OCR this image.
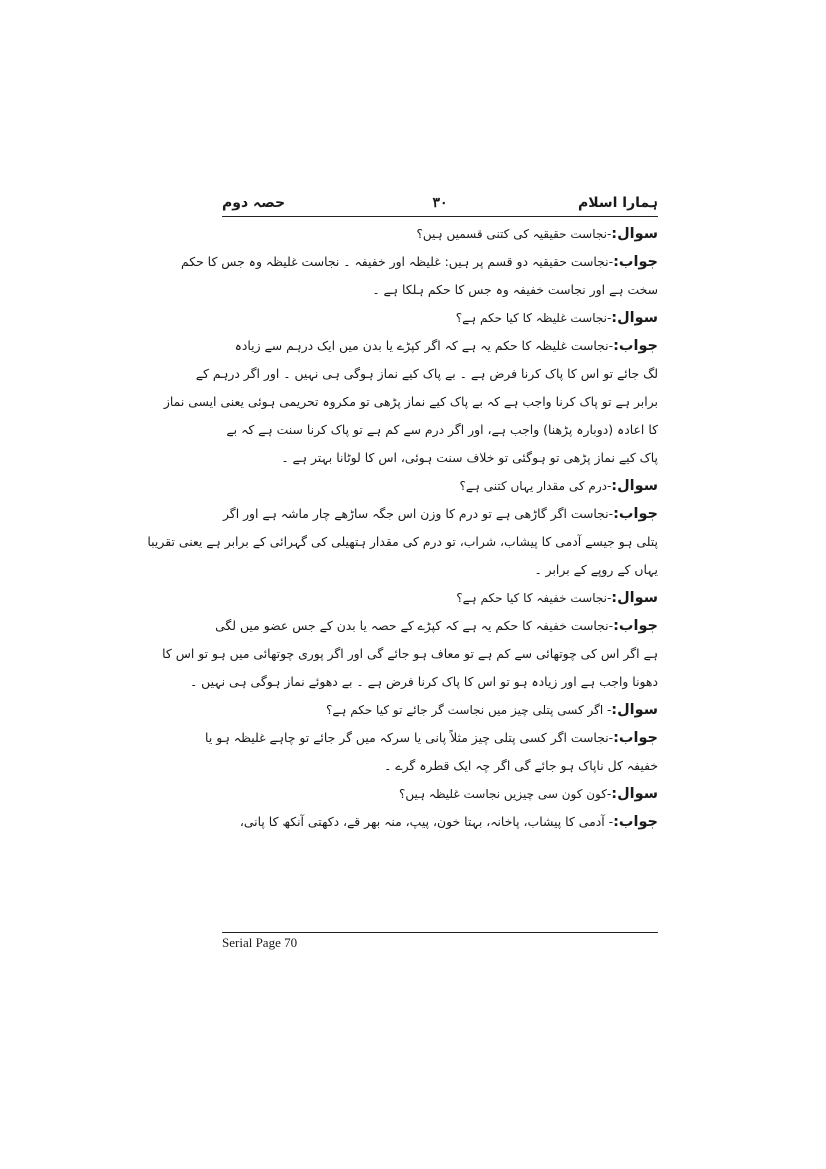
ہمارا اسلام
۳۰
حصہ دوم
سوال:-نجاست حقیقیہ کی کتنی قسمیں ہیں؟
جواب:-نجاست حقیقیہ دو قسم پر ہیں: غلیظہ اور خفیفہ ۔ نجاست غلیظہ وہ جس کا حکم
سخت ہے اور نجاست خفیفہ وہ جس کا حکم ہلکا ہے ۔
سوال:-نجاست غلیظہ کا کیا حکم ہے؟
جواب:-نجاست غلیظہ کا حکم یہ ہے کہ اگر کپڑے یا بدن میں ایک درہم سے زیادہ
لگ جائے تو اس کا پاک کرنا فرض ہے ۔ بے پاک کیے نماز ہوگی ہی نہیں ۔ اور اگر درہم کے
برابر ہے تو پاک کرنا واجب ہے کہ بے پاک کیے نماز پڑھی تو مکروہ تحریمی ہوئی یعنی ایسی نماز
کا اعادہ (دوبارہ پڑھنا) واجب ہے، اور اگر درم سے کم ہے تو پاک کرنا سنت ہے کہ بے
پاک کیے نماز پڑھی تو ہوگئی تو خلاف سنت ہوئی، اس کا لوٹانا بہتر ہے ۔
سوال:-درم کی مقدار یہاں کتنی ہے؟
جواب:-نجاست اگر گاڑھی ہے تو درم کا وزن اس جگہ ساڑھے چار ماشہ ہے اور اگر
پتلی ہو جیسے آدمی کا پیشاب، شراب، تو درم کی مقدار ہتھیلی کی گہرائی کے برابر ہے یعنی تقریبا
یہاں کے روپے کے برابر ۔
سوال:-نجاست خفیفہ کا کیا حکم ہے؟
جواب:-نجاست خفیفہ کا حکم یہ ہے کہ کپڑے کے حصہ یا بدن کے جس عضو میں لگی
ہے اگر اس کی چوتھائی سے کم ہے تو معاف ہو جائے گی اور اگر پوری چوتھائی میں ہو تو اس کا
دھونا واجب ہے اور زیادہ ہو تو اس کا پاک کرنا فرض ہے ۔ بے دھوئے نماز ہوگی ہی نہیں ۔
سوال:- اگر کسی پتلی چیز میں نجاست گر جائے تو کیا حکم ہے؟
جواب:-نجاست اگر کسی پتلی چیز مثلاً پانی یا سرکہ میں گر جائے تو چاہے غلیظہ ہو یا
خفیفہ کل ناپاک ہو جائے گی اگر چہ ایک قطرہ گرے ۔
سوال:-کون کون سی چیزیں نجاست غلیظہ ہیں؟
جواب:- آدمی کا پیشاب، پاخانہ، بہتا خون، پیپ، منہ بھر قے، دکھتی آنکھ کا پانی،
Serial Page 70
